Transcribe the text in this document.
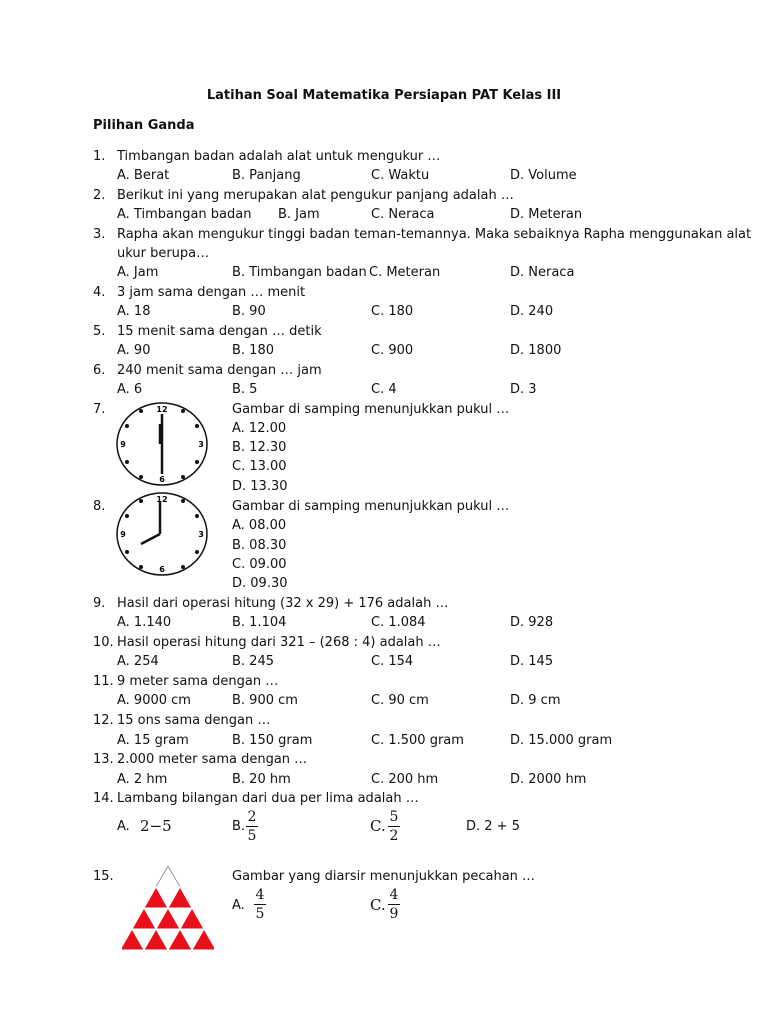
Latihan Soal Matematika Persiapan PAT Kelas III
Pilihan Ganda
1. Timbangan badan adalah alat untuk mengukur …
A. Berat	B. Panjang	C. Waktu	D. Volume
2. Berikut ini yang merupakan alat pengukur panjang adalah …
A. Timbangan badan B. Jam	C. Neraca	D. Meteran
3. Rapha akan mengukur tinggi badan teman-temannya. Maka sebaiknya Rapha menggunakan alat
ukur berupa…
A. Jam	B. Timbangan badan C. Meteran	D. Neraca
4. 3 jam sama dengan … menit
A. 18	B. 90	C. 180	D. 240
5. 15 menit sama dengan … detik
A. 90	B. 180	C. 900	D. 1800
6. 240 menit sama dengan … jam
A. 6	B. 5	C. 4	D. 3
7.	12
3
6
9
Gambar di samping menunjukkan pukul …
A. 12.00
B. 12.30
C. 13.00
D. 13.30
8.	12
3
6
9
Gambar di samping menunjukkan pukul …
A. 08.00
B. 08.30
C. 09.00
D. 09.30
9. Hasil dari operasi hitung (32 x 29) + 176 adalah …
A. 1.140	B. 1.104	C. 1.084	D. 928
10. Hasil operasi hitung dari 321 – (268 : 4) adalah …
A. 254	B. 245	C. 154	D. 145
11. 9 meter sama dengan …
A. 9000 cm	B. 900 cm	C. 90 cm	D. 9 cm
12. 15 ons sama dengan …
A. 15 gram	B. 150 gram	C. 1.500 gram	D. 15.000 gram
13. 2.000 meter sama dengan …
A. 2 hm	B. 20 hm	C. 200 hm	D. 2000 hm
14. Lambang bilangan dari dua per lima adalah …
A. 2−5	B.
2
5
C. 5
2
D. 2 + 5
15.	Gambar yang diarsir menunjukkan pecahan …
A.
4
5	C.
4
9
